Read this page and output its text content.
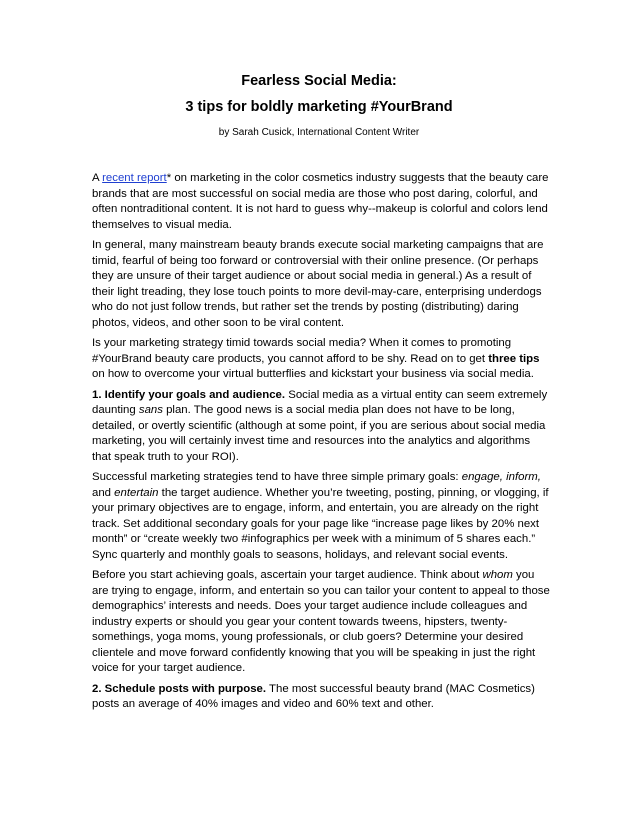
Fearless Social Media:
3 tips for boldly marketing #YourBrand
by Sarah Cusick, International Content Writer

A recent report* on marketing in the color cosmetics industry suggests that the beauty care brands that are most successful on social media are those who post daring, colorful, and often nontraditional content. It is not hard to guess why--makeup is colorful and colors lend themselves to visual media.

In general, many mainstream beauty brands execute social marketing campaigns that are timid, fearful of being too forward or controversial with their online presence. (Or perhaps they are unsure of their target audience or about social media in general.) As a result of their light treading, they lose touch points to more devil-may-care, enterprising underdogs who do not just follow trends, but rather set the trends by posting (distributing) daring photos, videos, and other soon to be viral content.

Is your marketing strategy timid towards social media? When it comes to promoting #YourBrand beauty care products, you cannot afford to be shy. Read on to get three tips on how to overcome your virtual butterflies and kickstart your business via social media.

1. Identify your goals and audience. Social media as a virtual entity can seem extremely daunting sans plan. The good news is a social media plan does not have to be long, detailed, or overtly scientific (although at some point, if you are serious about social media marketing, you will certainly invest time and resources into the analytics and algorithms that speak truth to your ROI).

Successful marketing strategies tend to have three simple primary goals: engage, inform, and entertain the target audience. Whether you’re tweeting, posting, pinning, or vlogging, if your primary objectives are to engage, inform, and entertain, you are already on the right track. Set additional secondary goals for your page like “increase page likes by 20% next month” or “create weekly two #infographics per week with a minimum of 5 shares each.” Sync quarterly and monthly goals to seasons, holidays, and relevant social events.

Before you start achieving goals, ascertain your target audience. Think about whom you are trying to engage, inform, and entertain so you can tailor your content to appeal to those demographics’ interests and needs. Does your target audience include colleagues and industry experts or should you gear your content towards tweens, hipsters, twenty-somethings, yoga moms, young professionals, or club goers? Determine your desired clientele and move forward confidently knowing that you will be speaking in just the right voice for your target audience.

2. Schedule posts with purpose. The most successful beauty brand (MAC Cosmetics) posts an average of 40% images and video and 60% text and other.
